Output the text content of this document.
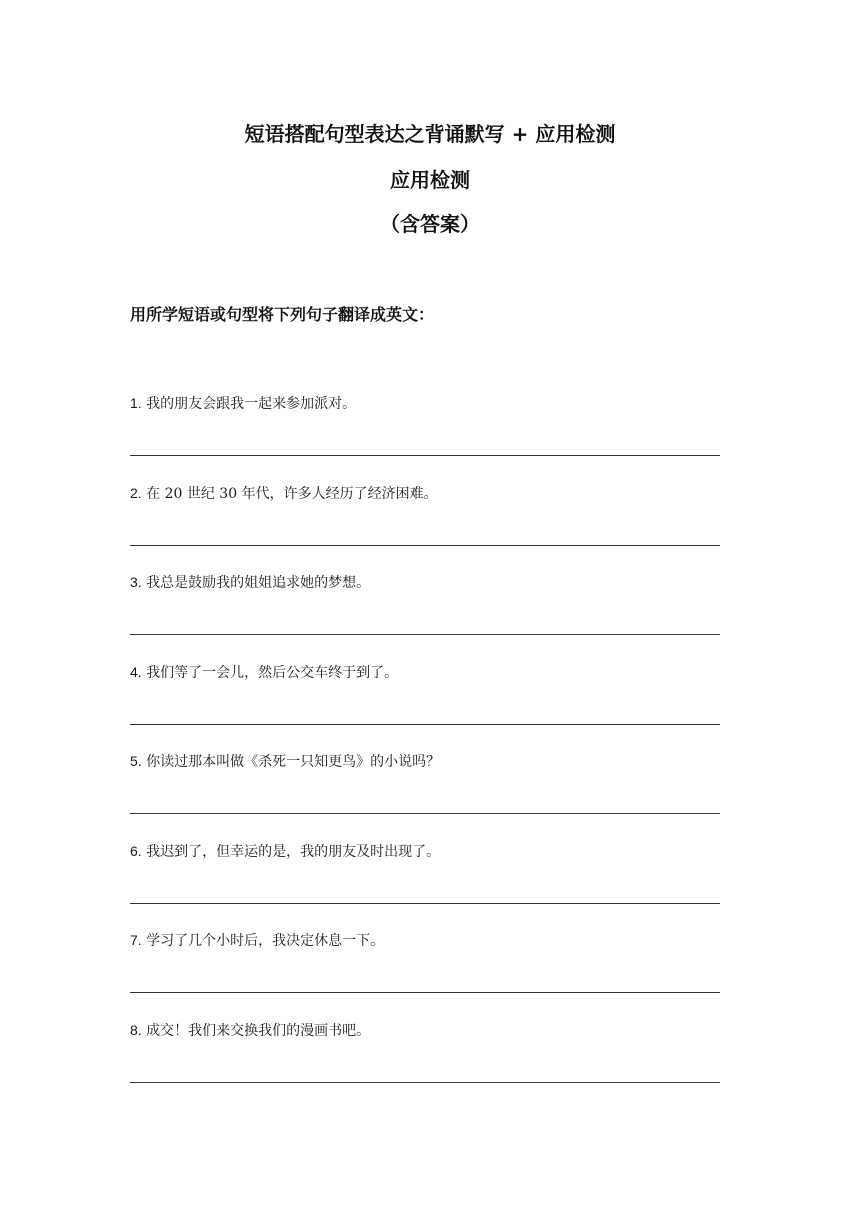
短语搭配句型表达之背诵默写 + 应用检测
应用检测
（含答案）
用所学短语或句型将下列句子翻译成英文：
1. 我的朋友会跟我一起来参加派对。
2. 在 20 世纪 30 年代，许多人经历了经济困难。
3. 我总是鼓励我的姐姐追求她的梦想。
4. 我们等了一会儿，然后公交车终于到了。
5. 你读过那本叫做《杀死一只知更鸟》的小说吗？
6. 我迟到了，但幸运的是，我的朋友及时出现了。
7. 学习了几个小时后，我决定休息一下。
8. 成交！我们来交换我们的漫画书吧。
